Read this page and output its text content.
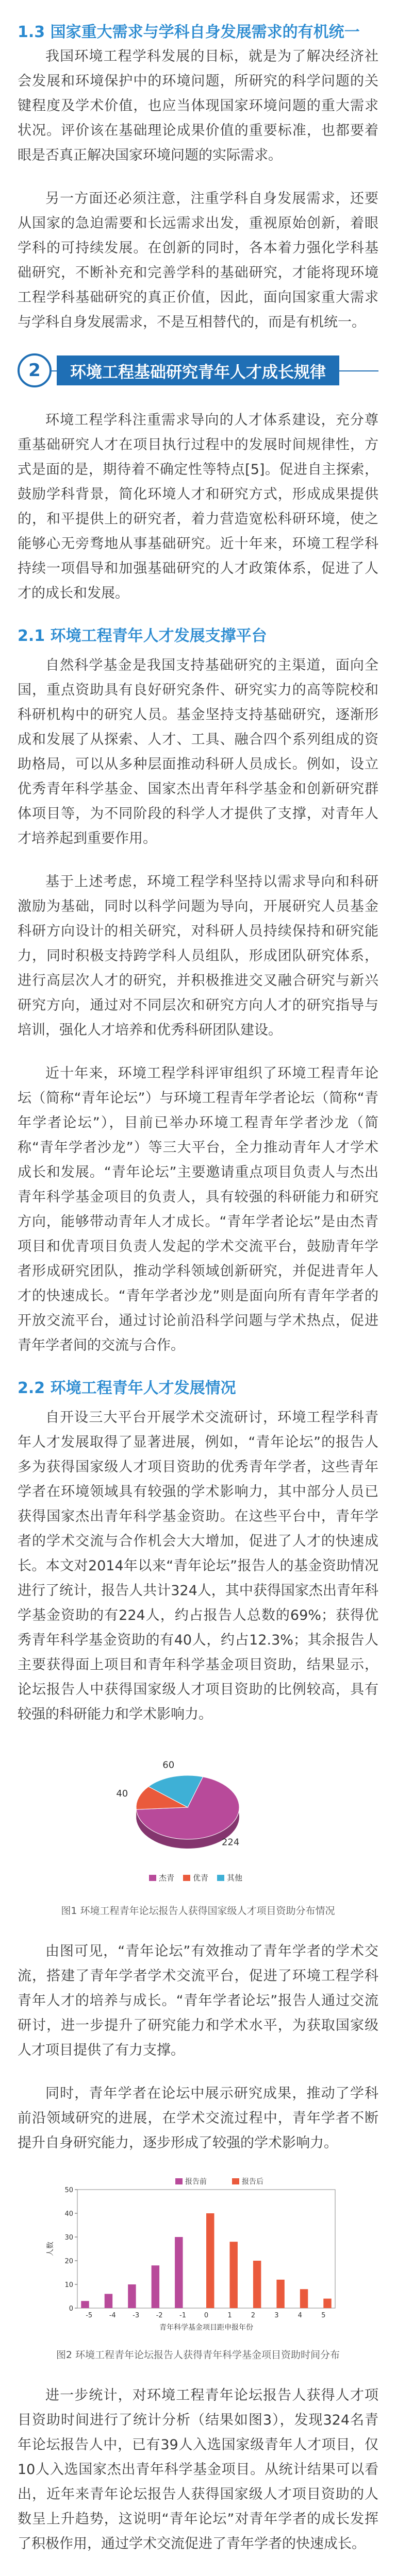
1.3 国家重大需求与学科自身发展需求的有机统一

我国环境工程学科发展的目标，就是为了解决经济社会发展和环境保护中的环境问题，所研究的科学问题的关键程度及学术价值，也应当体现国家环境问题的重大需求状况。评价该在基础理论成果价值的重要标准，也都要着眼是否真正解决国家环境问题的实际需求。

另一方面还必须注意，注重学科自身发展需求，还要从国家的急迫需要和长远需求出发，重视原始创新，着眼学科的可持续发展。在创新的同时，各本着力强化学科基础研究，不断补充和完善学科的基础研究，才能将现环境工程学科基础研究的真正价值，因此，面向国家重大需求与学科自身发展需求，不是互相替代的，而是有机统一。

2	环境工程基础研究青年人才成长规律

环境工程学科注重需求导向的人才体系建设，充分尊重基础研究人才在项目执行过程中的发展时间规律性，方式是面的是，期待着不确定性等特点[5]。促进自主探索，鼓励学科背景，简化环境人才和研究方式，形成成果提供的，和平提供上的研究者，着力营造宽松科研环境，使之能够心无旁骛地从事基础研究。近十年来，环境工程学科持续一项倡导和加强基础研究的人才政策体系，促进了人才的成长和发展。

2.1 环境工程青年人才发展支撑平台

自然科学基金是我国支持基础研究的主渠道，面向全国，重点资助具有良好研究条件、研究实力的高等院校和科研机构中的研究人员。基金坚持支持基础研究，逐渐形成和发展了从探索、人才、工具、融合四个系列组成的资助格局，可以从多种层面推动科研人员成长。例如，设立优秀青年科学基金、国家杰出青年科学基金和创新研究群体项目等，为不同阶段的科学人才提供了支撑，对青年人才培养起到重要作用。

基于上述考虑，环境工程学科坚持以需求导向和科研激励为基础，同时以科学问题为导向，开展研究人员基金科研方向设计的相关研究，对科研人员持续保持和研究能力，同时积极支持跨学科人员组队，形成团队研究体系，进行高层次人才的研究，并积极推进交叉融合研究与新兴研究方向，通过对不同层次和研究方向人才的研究指导与培训，强化人才培养和优秀科研团队建设。

近十年来，环境工程学科评审组织了环境工程青年论坛（简称“青年论坛”）与环境工程青年学者论坛（简称“青年学者论坛”），目前已举办环境工程青年学者沙龙（简称“青年学者沙龙”）等三大平台，全力推动青年人才学术成长和发展。“青年论坛”主要邀请重点项目负责人与杰出青年科学基金项目的负责人，具有较强的科研能力和研究方向，能够带动青年人才成长。“青年学者论坛”是由杰青项目和优青项目负责人发起的学术交流平台，鼓励青年学者形成研究团队，推动学科领域创新研究，并促进青年人才的快速成长。“青年学者沙龙”则是面向所有青年学者的开放交流平台，通过讨论前沿科学问题与学术热点，促进青年学者间的交流与合作。

2.2 环境工程青年人才发展情况

自开设三大平台开展学术交流研讨，环境工程学科青年人才发展取得了显著进展，例如，“青年论坛”的报告人多为获得国家级人才项目资助的优秀青年学者，这些青年学者在环境领域具有较强的学术影响力，其中部分人员已获得国家杰出青年科学基金资助。在这些平台中，青年学者的学术交流与合作机会大大增加，促进了人才的快速成长。本文对2014年以来“青年论坛”报告人的基金资助情况进行了统计，报告人共计324人，其中获得国家杰出青年科学基金资助的有224人，约占报告人总数的69%；获得优秀青年科学基金资助的有40人，约占12.3%；其余报告人主要获得面上项目和青年科学基金项目资助，结果显示，论坛报告人中获得国家级人才项目资助的比例较高，具有较强的科研能力和学术影响力。

224
40
60
杰青 优青 其他
图1 环境工程青年论坛报告人获得国家级人才项目资助分布情况

由图可见，“青年论坛”有效推动了青年学者的学术交流，搭建了青年学者学术交流平台，促进了环境工程学科青年人才的培养与成长。“青年学者论坛”报告人通过交流研讨，进一步提升了研究能力和学术水平，为获取国家级人才项目提供了有力支撑。

同时，青年学者在论坛中展示研究成果，推动了学科前沿领域研究的进展，在学术交流过程中，青年学者不断提升自身研究能力，逐步形成了较强的学术影响力。

0
10
20
30
40
50
-5 -4 -3 -2 -1	0	1	2	3	4	5
青年科学基金项目距申报年份
人数
报告前	报告后
图2 环境工程青年论坛报告人获得青年科学基金项目资助时间分布

进一步统计，对环境工程青年论坛报告人获得人才项目资助时间进行了统计分析（结果如图3），发现324名青年论坛报告人中，已有39人入选国家级青年人才项目，仅10人入选国家杰出青年科学基金项目。从统计结果可以看出，近年来青年论坛报告人获得国家级人才项目资助的人数呈上升趋势，这说明“青年论坛”对青年学者的成长发挥了积极作用，通过学术交流促进了青年学者的快速成长。
